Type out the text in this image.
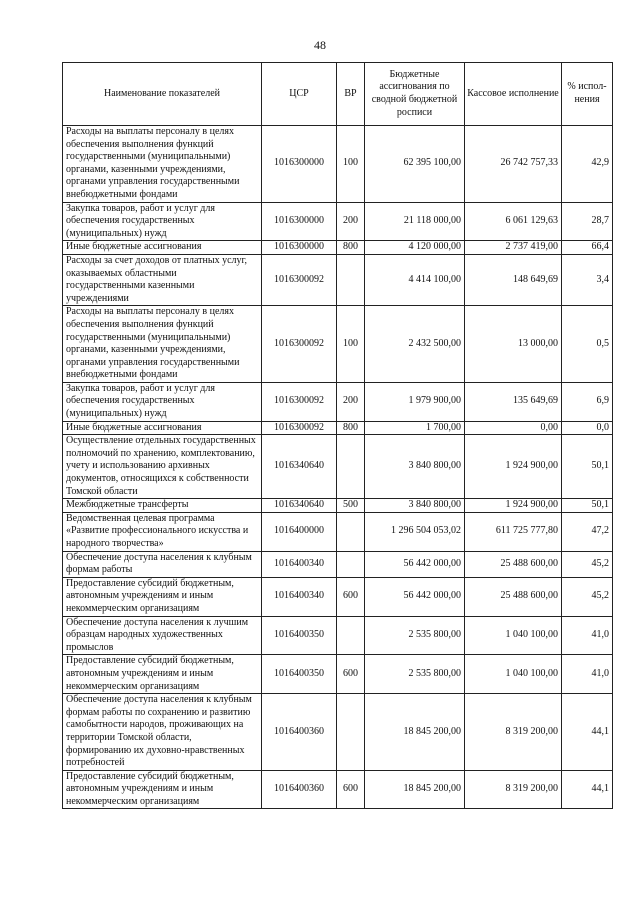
48
Наименование показателей	ЦСР	ВР	Бюджетные ассигнования по сводной бюджетной росписи	Кассовое исполнение	% испол-нения
Расходы на выплаты персоналу в целях обеспечения выполнения функций государственными (муниципальными) органами, казенными учреждениями, органами управления государственными внебюджетными фондами	1016300000	100	62 395 100,00	26 742 757,33	42,9
Закупка товаров, работ и услуг для обеспечения государственных (муниципальных) нужд	1016300000	200	21 118 000,00	6 061 129,63	28,7
Иные бюджетные ассигнования	1016300000	800	4 120 000,00	2 737 419,00	66,4
Расходы за счет доходов от платных услуг, оказываемых областными государственными казенными учреждениями	1016300092		4 414 100,00	148 649,69	3,4
Расходы на выплаты персоналу в целях обеспечения выполнения функций государственными (муниципальными) органами, казенными учреждениями, органами управления государственными внебюджетными фондами	1016300092	100	2 432 500,00	13 000,00	0,5
Закупка товаров, работ и услуг для обеспечения государственных (муниципальных) нужд	1016300092	200	1 979 900,00	135 649,69	6,9
Иные бюджетные ассигнования	1016300092	800	1 700,00	0,00	0,0
Осуществление отдельных государственных полномочий по хранению, комплектованию, учету и использованию архивных документов, относящихся к собственности Томской области	1016340640		3 840 800,00	1 924 900,00	50,1
Межбюджетные трансферты	1016340640	500	3 840 800,00	1 924 900,00	50,1
Ведомственная целевая программа «Развитие профессионального искусства и народного творчества»	1016400000		1 296 504 053,02	611 725 777,80	47,2
Обеспечение доступа населения к клубным формам работы	1016400340		56 442 000,00	25 488 600,00	45,2
Предоставление субсидий бюджетным, автономным учреждениям и иным некоммерческим организациям	1016400340	600	56 442 000,00	25 488 600,00	45,2
Обеспечение доступа населения к лучшим образцам народных художественных промыслов	1016400350		2 535 800,00	1 040 100,00	41,0
Предоставление субсидий бюджетным, автономным учреждениям и иным некоммерческим организациям	1016400350	600	2 535 800,00	1 040 100,00	41,0
Обеспечение доступа населения к клубным формам работы по сохранению и развитию самобытности народов, проживающих на территории Томской области, формированию их духовно-нравственных потребностей	1016400360		18 845 200,00	8 319 200,00	44,1
Предоставление субсидий бюджетным, автономным учреждениям и иным некоммерческим организациям	1016400360	600	18 845 200,00	8 319 200,00	44,1
